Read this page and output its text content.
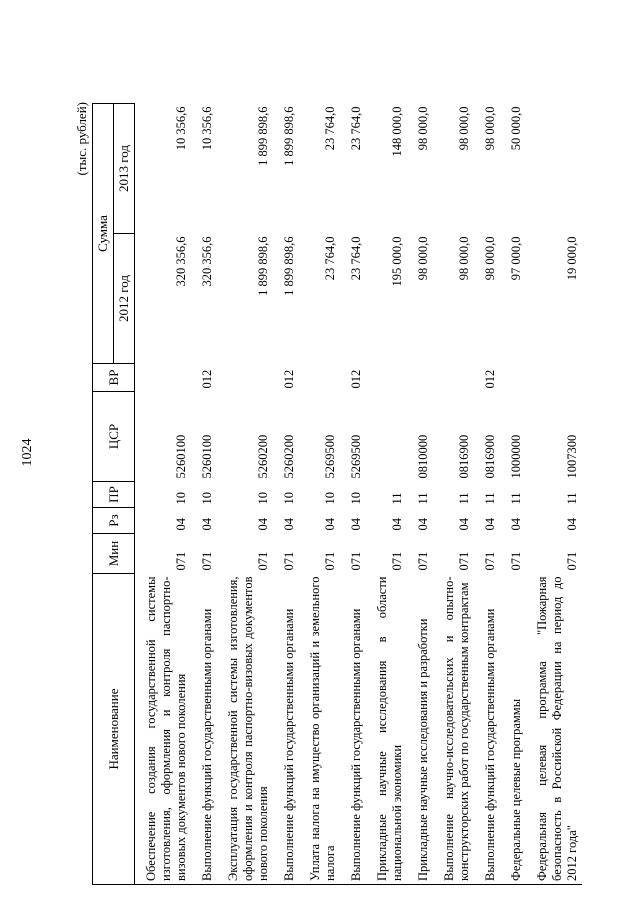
1024
(тыс. рублей)
Наименование	Мин	Рз	ПР	ЦСР	ВР	Сумма	
						2012 год	2013 год
Обеспечение создания государственной системы изготовления, оформления и контроля паспортно-визовых документов нового поколения	071	04	10	5260100		320 356,6	10 356,6
Выполнение функций государственными органами	071	04	10	5260100	012	320 356,6	10 356,6
Эксплуатация государственной системы изготовления, оформления и контроля паспортно-визовых документов нового поколения	071	04	10	5260200		1 899 898,6	1 899 898,6
Выполнение функций государственными органами	071	04	10	5260200	012	1 899 898,6	1 899 898,6
Уплата налога на имущество организаций и земельного налога	071	04	10	5269500		23 764,0	23 764,0
Выполнение функций государственными органами	071	04	10	5269500	012	23 764,0	23 764,0
Прикладные научные исследования в области национальной экономики	071	04	11			195 000,0	148 000,0
Прикладные научные исследования и разработки	071	04	11	0810000		98 000,0	98 000,0
Выполнение научно-исследовательских и опытно-конструкторских работ по государственным контрактам	071	04	11	0816900		98 000,0	98 000,0
Выполнение функций государственными органами	071	04	11	0816900	012	98 000,0	98 000,0
Федеральные целевые программы	071	04	11	1000000		97 000,0	50 000,0
Федеральная целевая программа "Пожарная безопасность в Российской Федерации на период до 2012 года"	071	04	11	1007300		19 000,0	
